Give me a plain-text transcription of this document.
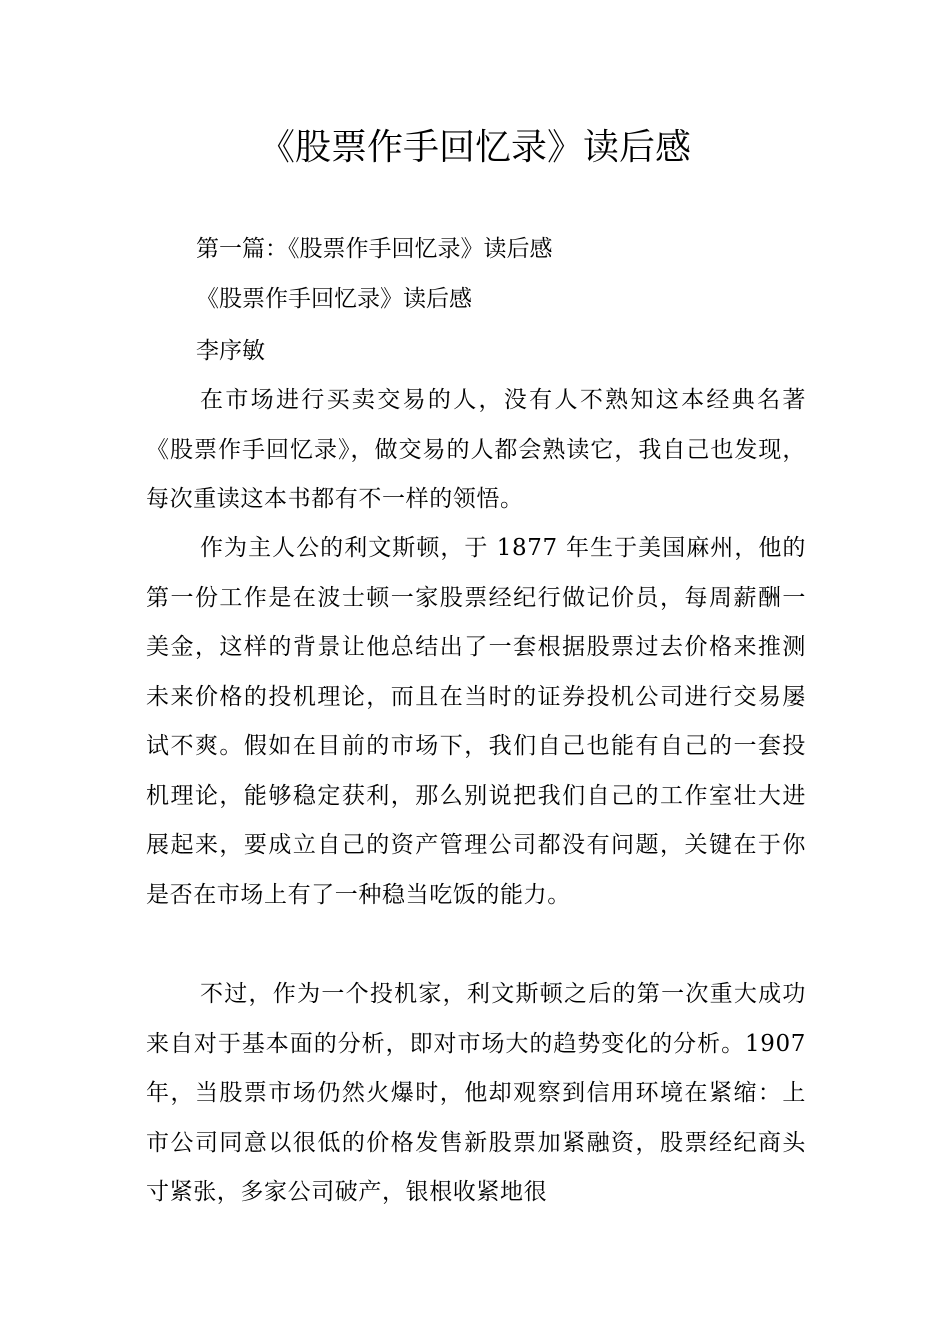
《股票作手回忆录》读后感

第一篇：《股票作手回忆录》读后感

《股票作手回忆录》读后感

李序敏

在市场进行买卖交易的人，没有人不熟知这本经典名著《股票作手回忆录》，做交易的人都会熟读它，我自己也发现，每次重读这本书都有不一样的领悟。

作为主人公的利文斯顿，于 1877 年生于美国麻州，他的第一份工作是在波士顿一家股票经纪行做记价员，每周薪酬一美金，这样的背景让他总结出了一套根据股票过去价格来推测未来价格的投机理论，而且在当时的证券投机公司进行交易屡试不爽。假如在目前的市场下，我们自己也能有自己的一套投机理论，能够稳定获利，那么别说把我们自己的工作室壮大进展起来，要成立自己的资产管理公司都没有问题，关键在于你是否在市场上有了一种稳当吃饭的能力。

不过，作为一个投机家，利文斯顿之后的第一次重大成功来自对于基本面的分析，即对市场大的趋势变化的分析。1907 年，当股票市场仍然火爆时，他却观察到信用环境在紧缩：上市公司同意以很低的价格发售新股票加紧融资，股票经纪商头寸紧张，多家公司破产，银根收紧地很
